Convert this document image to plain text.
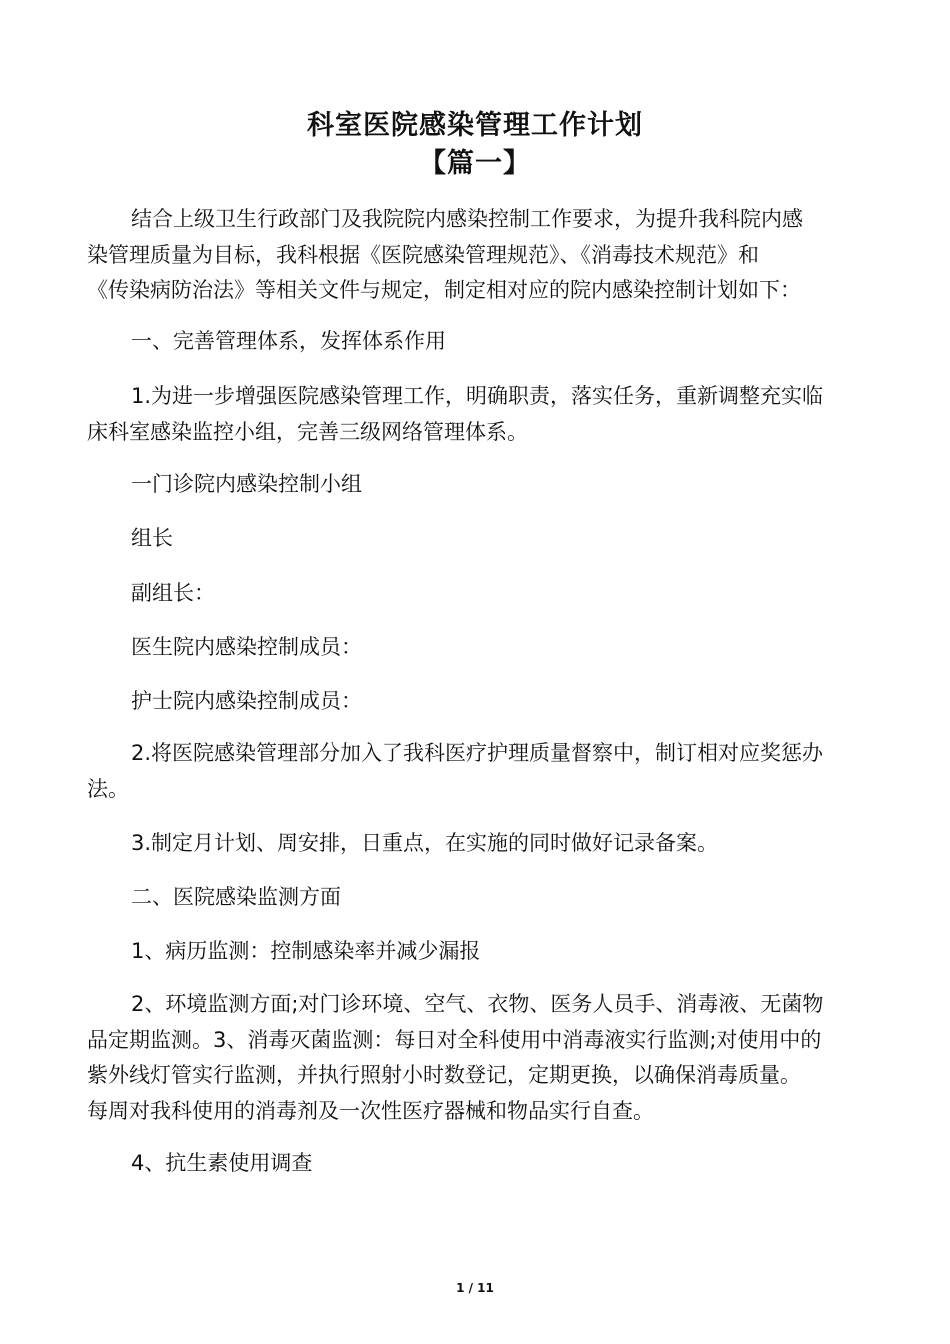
科室医院感染管理工作计划
【篇一】

结合上级卫生行政部门及我院院内感染控制工作要求，为提升我科院内感
染管理质量为目标，我科根据《医院感染管理规范》、《消毒技术规范》和
《传染病防治法》等相关文件与规定，制定相对应的院内感染控制计划如下：

一、完善管理体系，发挥体系作用

1.为进一步增强医院感染管理工作，明确职责，落实任务，重新调整充实临
床科室感染监控小组，完善三级网络管理体系。

一门诊院内感染控制小组

组长

副组长：

医生院内感染控制成员：

护士院内感染控制成员：

2.将医院感染管理部分加入了我科医疗护理质量督察中，制订相对应奖惩办
法。

3.制定月计划、周安排，日重点，在实施的同时做好记录备案。

二、医院感染监测方面

1、病历监测：控制感染率并减少漏报

2、环境监测方面;对门诊环境、空气、衣物、医务人员手、消毒液、无菌物
品定期监测。3、消毒灭菌监测：每日对全科使用中消毒液实行监测;对使用中的
紫外线灯管实行监测，并执行照射小时数登记，定期更换，以确保消毒质量。
每周对我科使用的消毒剂及一次性医疗器械和物品实行自查。

4、抗生素使用调查

1 / 11
